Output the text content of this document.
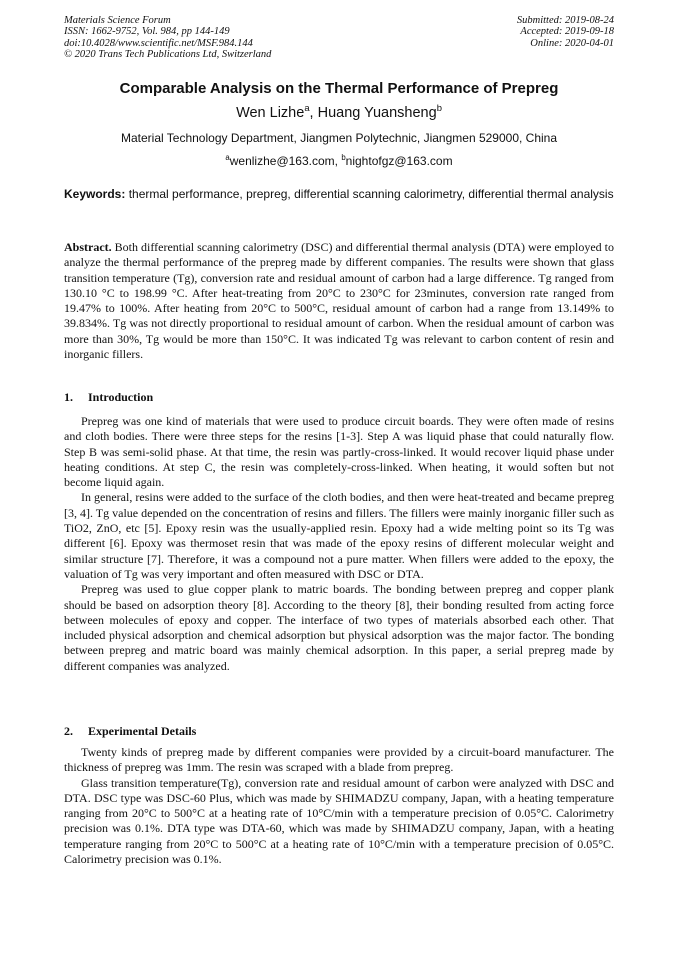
Materials Science Forum
ISSN: 1662-9752, Vol. 984, pp 144-149
doi:10.4028/www.scientific.net/MSF.984.144
© 2020 Trans Tech Publications Ltd, Switzerland
Submitted: 2019-08-24
Accepted: 2019-09-18
Online: 2020-04-01
Comparable Analysis on the Thermal Performance of Prepreg
Wen Lizhe$^a$, Huang Yuansheng$^b$
Material Technology Department, Jiangmen Polytechnic, Jiangmen 529000, China
$^a$wenlizhe@163.com, $^b$nightofgz@163.com
Keywords: thermal performance, prepreg, differential scanning calorimetry, differential thermal analysis

Abstract. Both differential scanning calorimetry (DSC) and differential thermal analysis (DTA) were employed to analyze the thermal performance of the prepreg made by different companies. The results were shown that glass transition temperature (Tg), conversion rate and residual amount of carbon had a large difference. Tg ranged from 130.10 °C to 198.99 °C. After heat-treating from 20°C to 230°C for 23minutes, conversion rate ranged from 19.47% to 100%. After heating from 20°C to 500°C, residual amount of carbon had a range from 13.149% to 39.834%. Tg was not directly proportional to residual amount of carbon. When the residual amount of carbon was more than 30%, Tg would be more than 150°C. It was indicated Tg was relevant to carbon content of resin and inorganic fillers.

1. Introduction

Prepreg was one kind of materials that were used to produce circuit boards. They were often made of resins and cloth bodies. There were three steps for the resins [1-3]. Step A was liquid phase that could naturally flow. Step B was semi-solid phase. At that time, the resin was partly-cross-linked. It would recover liquid phase under heating conditions. At step C, the resin was completely-cross-linked. When heating, it would soften but not become liquid again.

In general, resins were added to the surface of the cloth bodies, and then were heat-treated and became prepreg [3, 4]. Tg value depended on the concentration of resins and fillers. The fillers were mainly inorganic filler such as TiO2, ZnO, etc [5]. Epoxy resin was the usually-applied resin. Epoxy had a wide melting point so its Tg was different [6]. Epoxy was thermoset resin that was made of the epoxy resins of different molecular weight and similar structure [7]. Therefore, it was a compound not a pure matter. When fillers were added to the epoxy, the valuation of Tg was very important and often measured with DSC or DTA.

Prepreg was used to glue copper plank to matric boards. The bonding between prepreg and copper plank should be based on adsorption theory [8]. According to the theory [8], their bonding resulted from acting force between molecules of epoxy and copper. The interface of two types of materials absorbed each other. That included physical adsorption and chemical adsorption but physical adsorption was the major factor. The bonding between prepreg and matric board was mainly chemical adsorption. In this paper, a serial prepreg made by different companies was analyzed.

2. Experimental Details

Twenty kinds of prepreg made by different companies were provided by a circuit-board manufacturer. The thickness of prepreg was 1mm. The resin was scraped with a blade from prepreg.

Glass transition temperature(Tg), conversion rate and residual amount of carbon were analyzed with DSC and DTA. DSC type was DSC-60 Plus, which was made by SHIMADZU company, Japan, with a heating temperature ranging from 20°C to 500°C at a heating rate of 10°C/min with a temperature precision of 0.05°C. Calorimetry precision was 0.1%. DTA type was DTA-60, which was made by SHIMADZU company, Japan, with a heating temperature ranging from 20°C to 500°C at a heating rate of 10°C/min with a temperature precision of 0.05°C. Calorimetry precision was 0.1%.
